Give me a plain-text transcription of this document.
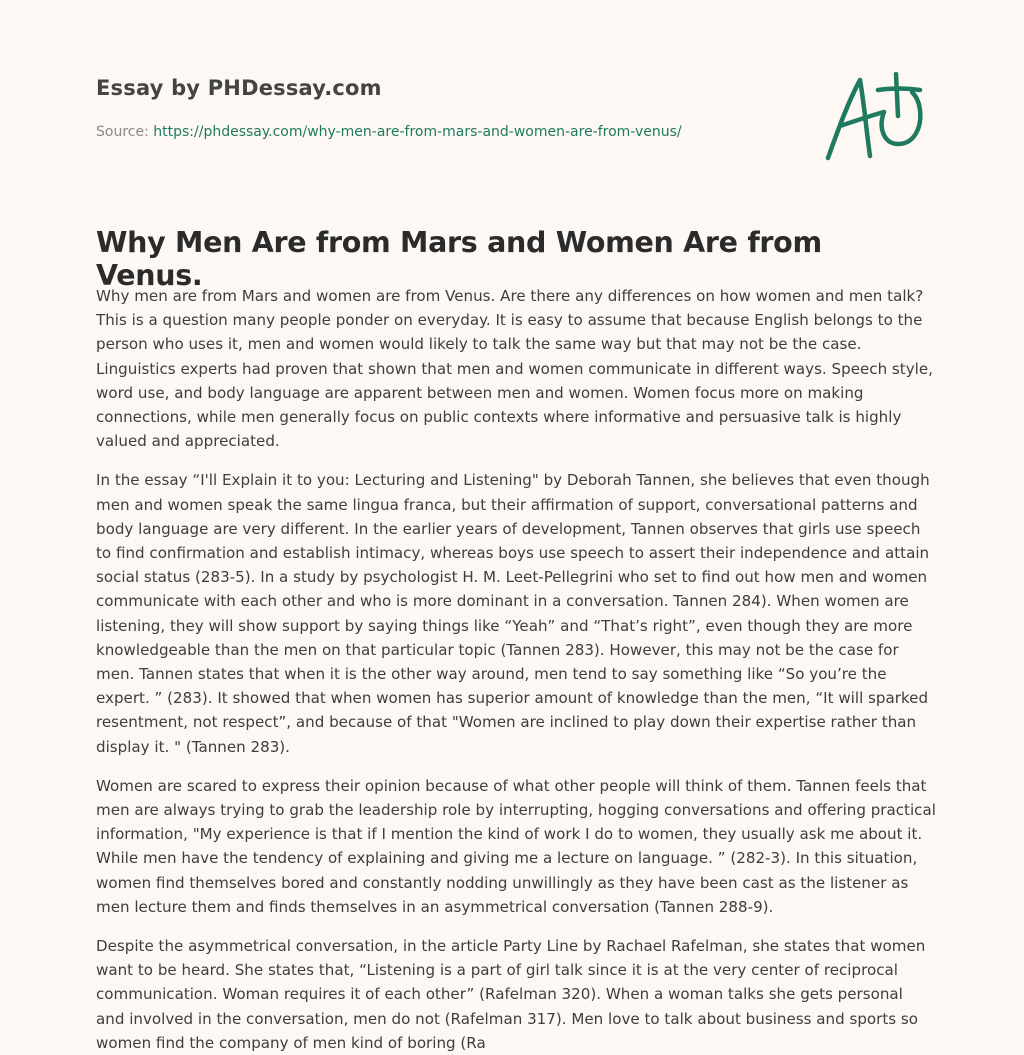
Essay by PHDessay.com
Source: https://phdessay.com/why-men-are-from-mars-and-women-are-from-venus/
Why Men Are from Mars and Women Are from Venus.

Why men are from Mars and women are from Venus. Are there any differences on how women and men talk? This is a question many people ponder on everyday. It is easy to assume that because English belongs to the person who uses it, men and women would likely to talk the same way but that may not be the case. Linguistics experts had proven that shown that men and women communicate in different ways. Speech style, word use, and body language are apparent between men and women. Women focus more on making connections, while men generally focus on public contexts where informative and persuasive talk is highly valued and appreciated.

In the essay “I'll Explain it to you: Lecturing and Listening" by Deborah Tannen, she believes that even though men and women speak the same lingua franca, but their affirmation of support, conversational patterns and body language are very different. In the earlier years of development, Tannen observes that girls use speech to find confirmation and establish intimacy, whereas boys use speech to assert their independence and attain social status (283-5). In a study by psychologist H. M. Leet-Pellegrini who set to find out how men and women communicate with each other and who is more dominant in a conversation. Tannen 284). When women are listening, they will show support by saying things like “Yeah” and “That’s right”, even though they are more knowledgeable than the men on that particular topic (Tannen 283). However, this may not be the case for men. Tannen states that when it is the other way around, men tend to say something like “So you’re the expert. ” (283). It showed that when women has superior amount of knowledge than the men, “It will sparked resentment, not respect”, and because of that "Women are inclined to play down their expertise rather than display it. " (Tannen 283).

Women are scared to express their opinion because of what other people will think of them. Tannen feels that men are always trying to grab the leadership role by interrupting, hogging conversations and offering practical information, "My experience is that if I mention the kind of work I do to women, they usually ask me about it. While men have the tendency of explaining and giving me a lecture on language. ” (282-3). In this situation, women find themselves bored and constantly nodding unwillingly as they have been cast as the listener as men lecture them and finds themselves in an asymmetrical conversation (Tannen 288-9).

Despite the asymmetrical conversation, in the article Party Line by Rachael Rafelman, she states that women want to be heard. She states that, “Listening is a part of girl talk since it is at the very center of reciprocal communication. Woman requires it of each other” (Rafelman 320). When a woman talks she gets personal and involved in the conversation, men do not (Rafelman 317). Men love to talk about business and sports so women find the company of men kind of boring (Ra
